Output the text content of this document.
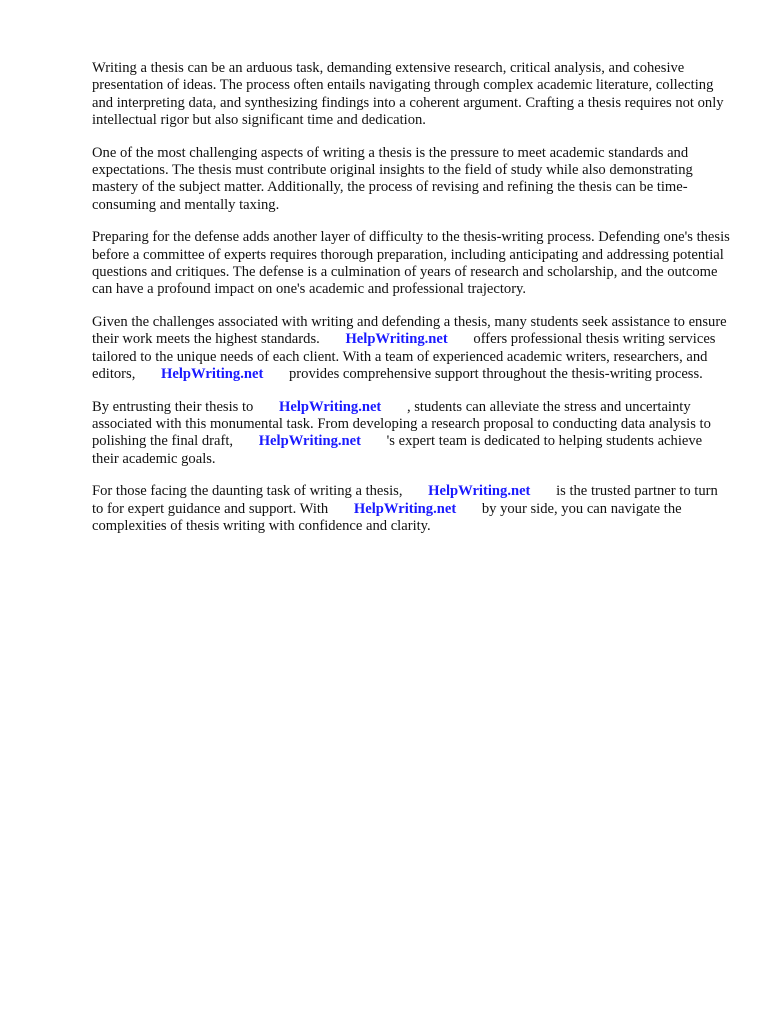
Writing a thesis can be an arduous task, demanding extensive research, critical analysis, and cohesive presentation of ideas. The process often entails navigating through complex academic literature, collecting and interpreting data, and synthesizing findings into a coherent argument. Crafting a thesis requires not only intellectual rigor but also significant time and dedication.

One of the most challenging aspects of writing a thesis is the pressure to meet academic standards and expectations. The thesis must contribute original insights to the field of study while also demonstrating mastery of the subject matter. Additionally, the process of revising and refining the thesis can be time-consuming and mentally taxing.

Preparing for the defense adds another layer of difficulty to the thesis-writing process. Defending one's thesis before a committee of experts requires thorough preparation, including anticipating and addressing potential questions and critiques. The defense is a culmination of years of research and scholarship, and the outcome can have a profound impact on one's academic and professional trajectory.

Given the challenges associated with writing and defending a thesis, many students seek assistance to ensure their work meets the highest standards. HelpWriting.net offers professional thesis writing services tailored to the unique needs of each client. With a team of experienced academic writers, researchers, and editors, HelpWriting.net provides comprehensive support throughout the thesis-writing process.

By entrusting their thesis to HelpWriting.net , students can alleviate the stress and uncertainty associated with this monumental task. From developing a research proposal to conducting data analysis to polishing the final draft, HelpWriting.net 's expert team is dedicated to helping students achieve their academic goals.

For those facing the daunting task of writing a thesis, HelpWriting.net is the trusted partner to turn to for expert guidance and support. With HelpWriting.net by your side, you can navigate the complexities of thesis writing with confidence and clarity.
